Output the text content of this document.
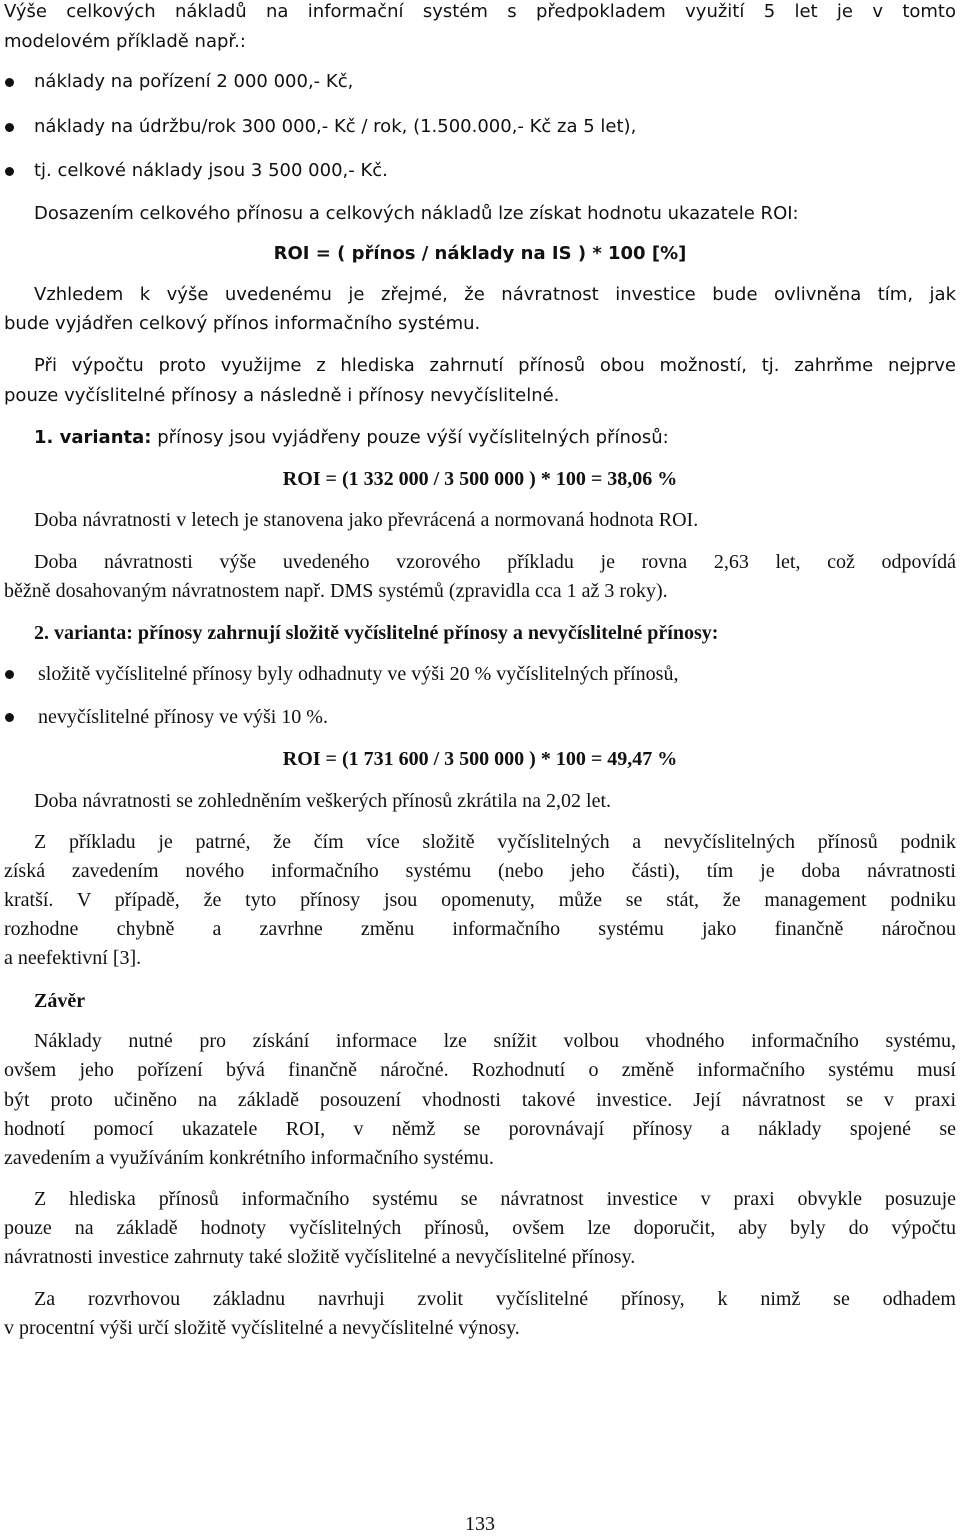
Výše celkových nákladů na informační systém s předpokladem využití 5 let je v tomto

modelovém příkladě např.:

náklady na pořízení 2 000 000,- Kč,
náklady na údržbu/rok 300 000,- Kč / rok, (1.500.000,- Kč za 5 let),
tj. celkové náklady jsou 3 500 000,- Kč.

Dosazením celkového přínosu a celkových nákladů lze získat hodnotu ukazatele ROI:

ROI = ( přínos / náklady na IS ) * 100 [%]

Vzhledem k výše uvedenému je zřejmé, že návratnost investice bude ovlivněna tím, jak

bude vyjádřen celkový přínos informačního systému.

Při výpočtu proto využijme z hlediska zahrnutí přínosů obou možností, tj. zahrňme nejprve

pouze vyčíslitelné přínosy a následně i přínosy nevyčíslitelné.

1. varianta: přínosy jsou vyjádřeny pouze výší vyčíslitelných přínosů:

ROI = (1 332 000 / 3 500 000 ) * 100 = 38,06 %

Doba návratnosti v letech je stanovena jako převrácená a normovaná hodnota ROI.

Doba návratnosti výše uvedeného vzorového příkladu je rovna 2,63 let, což odpovídá

běžně dosahovaným návratnostem např. DMS systémů (zpravidla cca 1 až 3 roky).

2. varianta: přínosy zahrnují složitě vyčíslitelné přínosy a nevyčíslitelné přínosy:

složitě vyčíslitelné přínosy byly odhadnuty ve výši 20 % vyčíslitelných přínosů,
nevyčíslitelné přínosy ve výši 10 %.

ROI = (1 731 600 / 3 500 000 ) * 100 = 49,47 %

Doba návratnosti se zohledněním veškerých přínosů zkrátila na 2,02 let.

Z příkladu je patrné, že čím více složitě vyčíslitelných a nevyčíslitelných přínosů podnik

získá zavedením nového informačního systému (nebo jeho části), tím je doba návratnosti

kratší. V případě, že tyto přínosy jsou opomenuty, může se stát, že management podniku

rozhodne chybně a zavrhne změnu informačního systému jako finančně náročnou

a neefektivní [3].

Závěr

Náklady nutné pro získání informace lze snížit volbou vhodného informačního systému,

ovšem jeho pořízení bývá finančně náročné. Rozhodnutí o změně informačního systému musí

být proto učiněno na základě posouzení vhodnosti takové investice. Její návratnost se v praxi

hodnotí pomocí ukazatele ROI, v němž se porovnávají přínosy a náklady spojené se

zavedením a využíváním konkrétního informačního systému.

Z hlediska přínosů informačního systému se návratnost investice v praxi obvykle posuzuje

pouze na základě hodnoty vyčíslitelných přínosů, ovšem lze doporučit, aby byly do výpočtu

návratnosti investice zahrnuty také složitě vyčíslitelné a nevyčíslitelné přínosy.

Za rozvrhovou základnu navrhuji zvolit vyčíslitelné přínosy, k nimž se odhadem

v procentní výši určí složitě vyčíslitelné a nevyčíslitelné výnosy.

133
